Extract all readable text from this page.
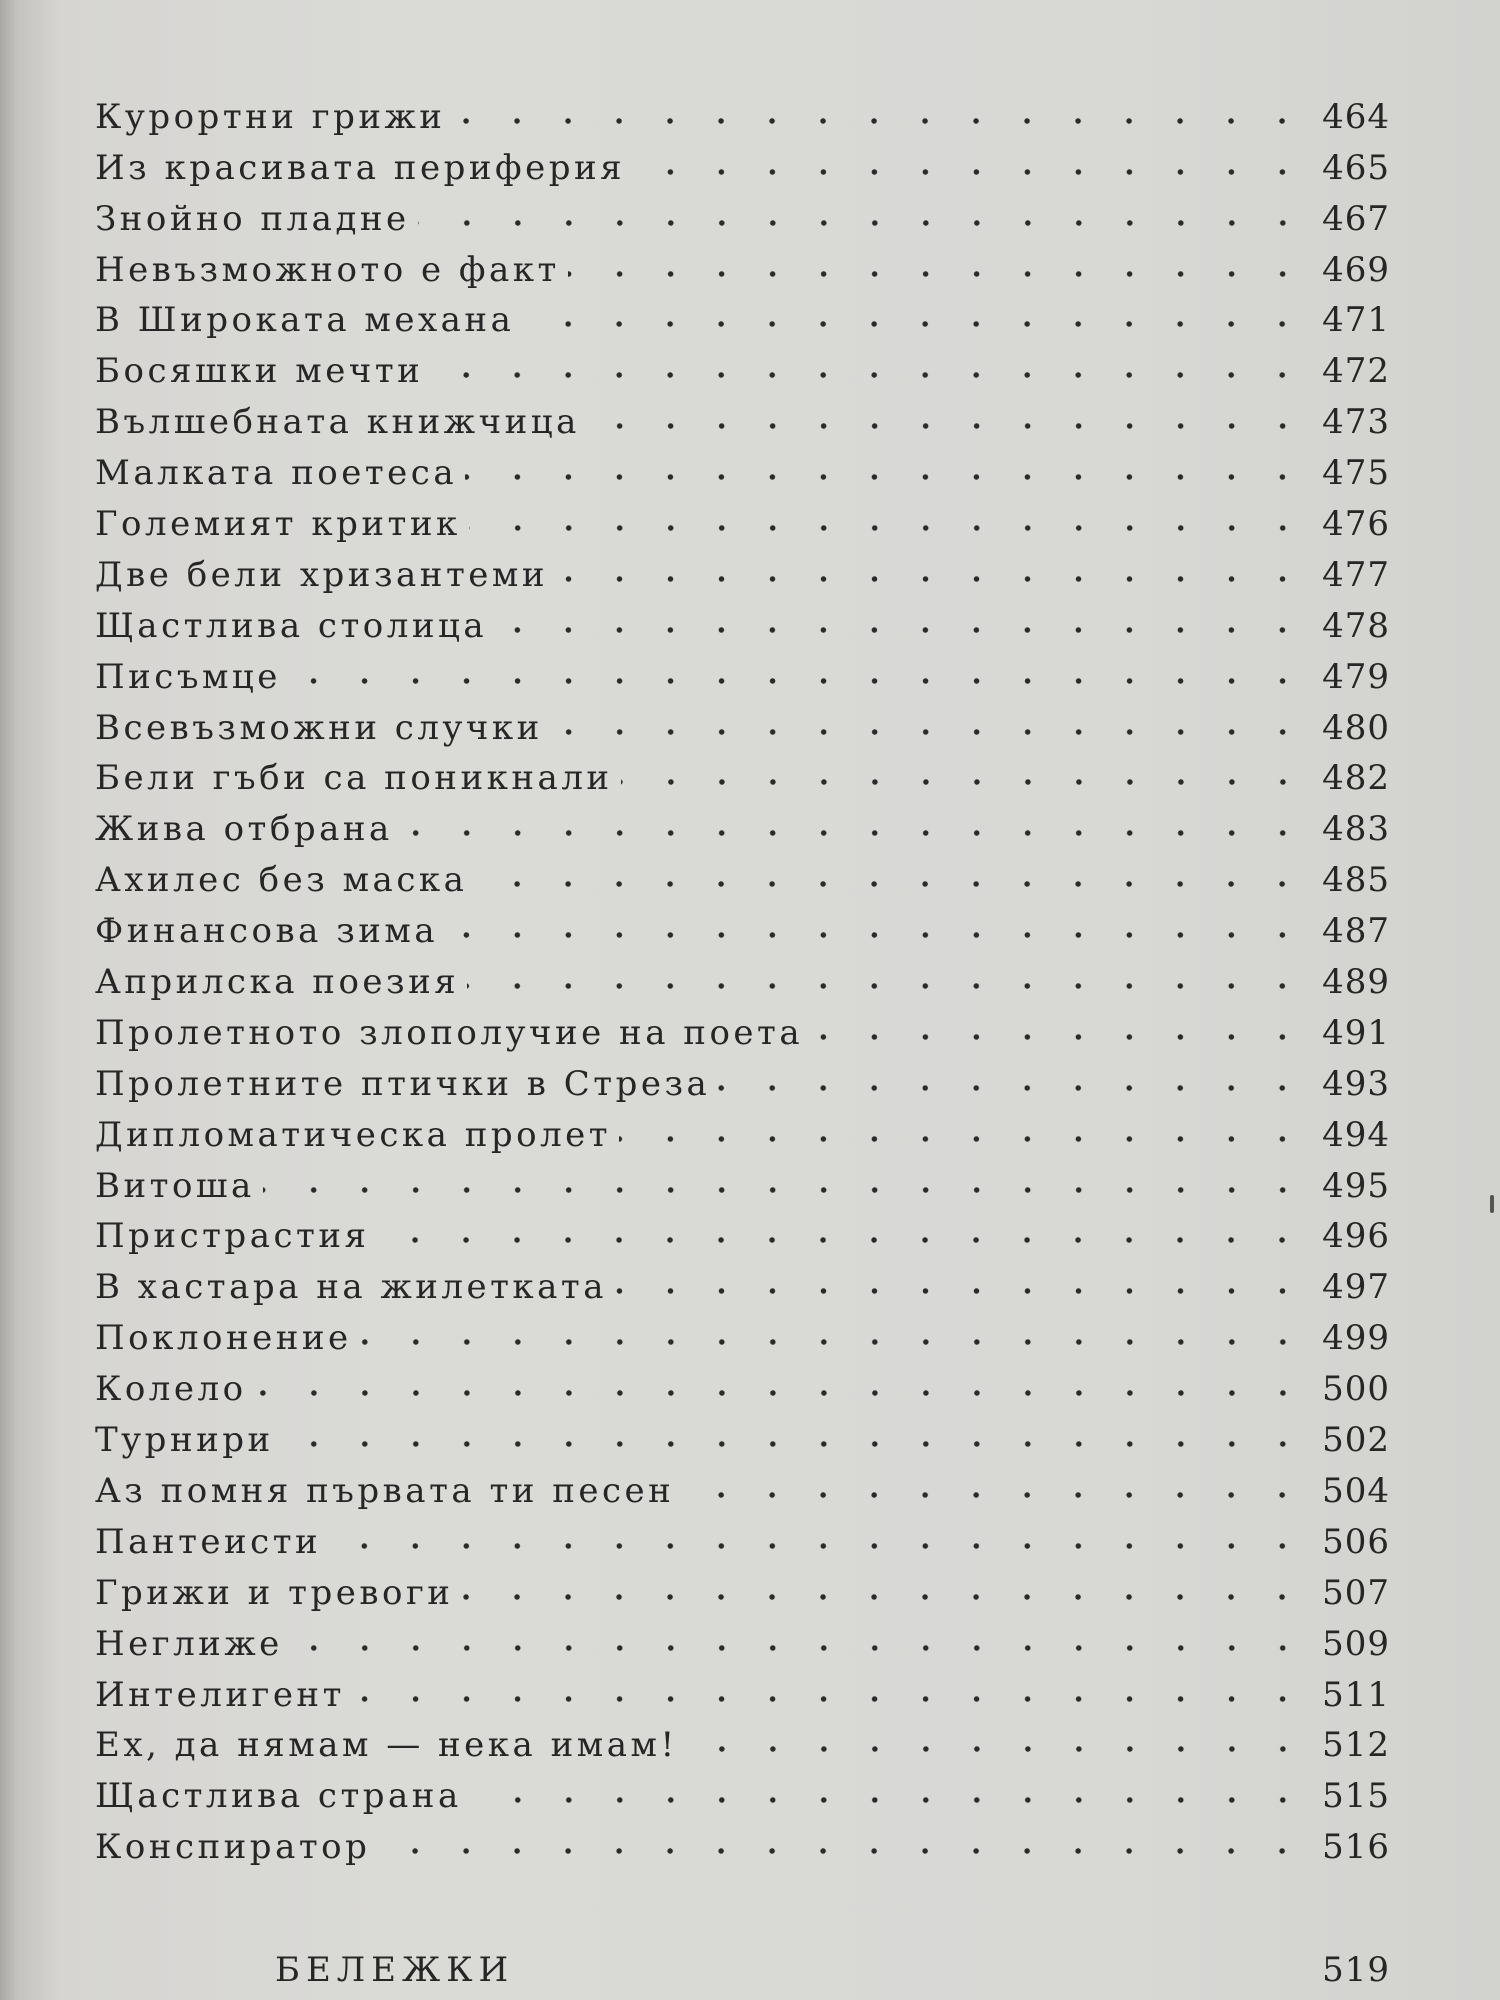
Курортни грижи	464
Из красивата периферия	465
Знойно пладне	467
Невъзможното е факт	469
В Широката механа	471
Босяшки мечти	472
Вълшебната книжчица	473
Малката поетеса	475
Големият критик	476
Две бели хризантеми	477
Щастлива столица	478
Писъмце	479
Всевъзможни случки	480
Бели гъби са поникнали	482
Жива отбрана	483
Ахилес без маска	485
Финансова зима	487
Априлска поезия	489
Пролетното злополучие на поета	491
Пролетните птички в Стреза	493
Дипломатическа пролет	494
Витоша	495
Пристрастия	496
В хастара на жилетката	497
Поклонение	499
Колело	500
Турнири	502
Аз помня първата ти песен	504
Пантеисти	506
Грижи и тревоги	507
Неглиже	509
Интелигент	511
Ех, да нямам — нека имам!	512
Щастлива страна	515
Конспиратор	516
БЕЛЕЖКИ	519
